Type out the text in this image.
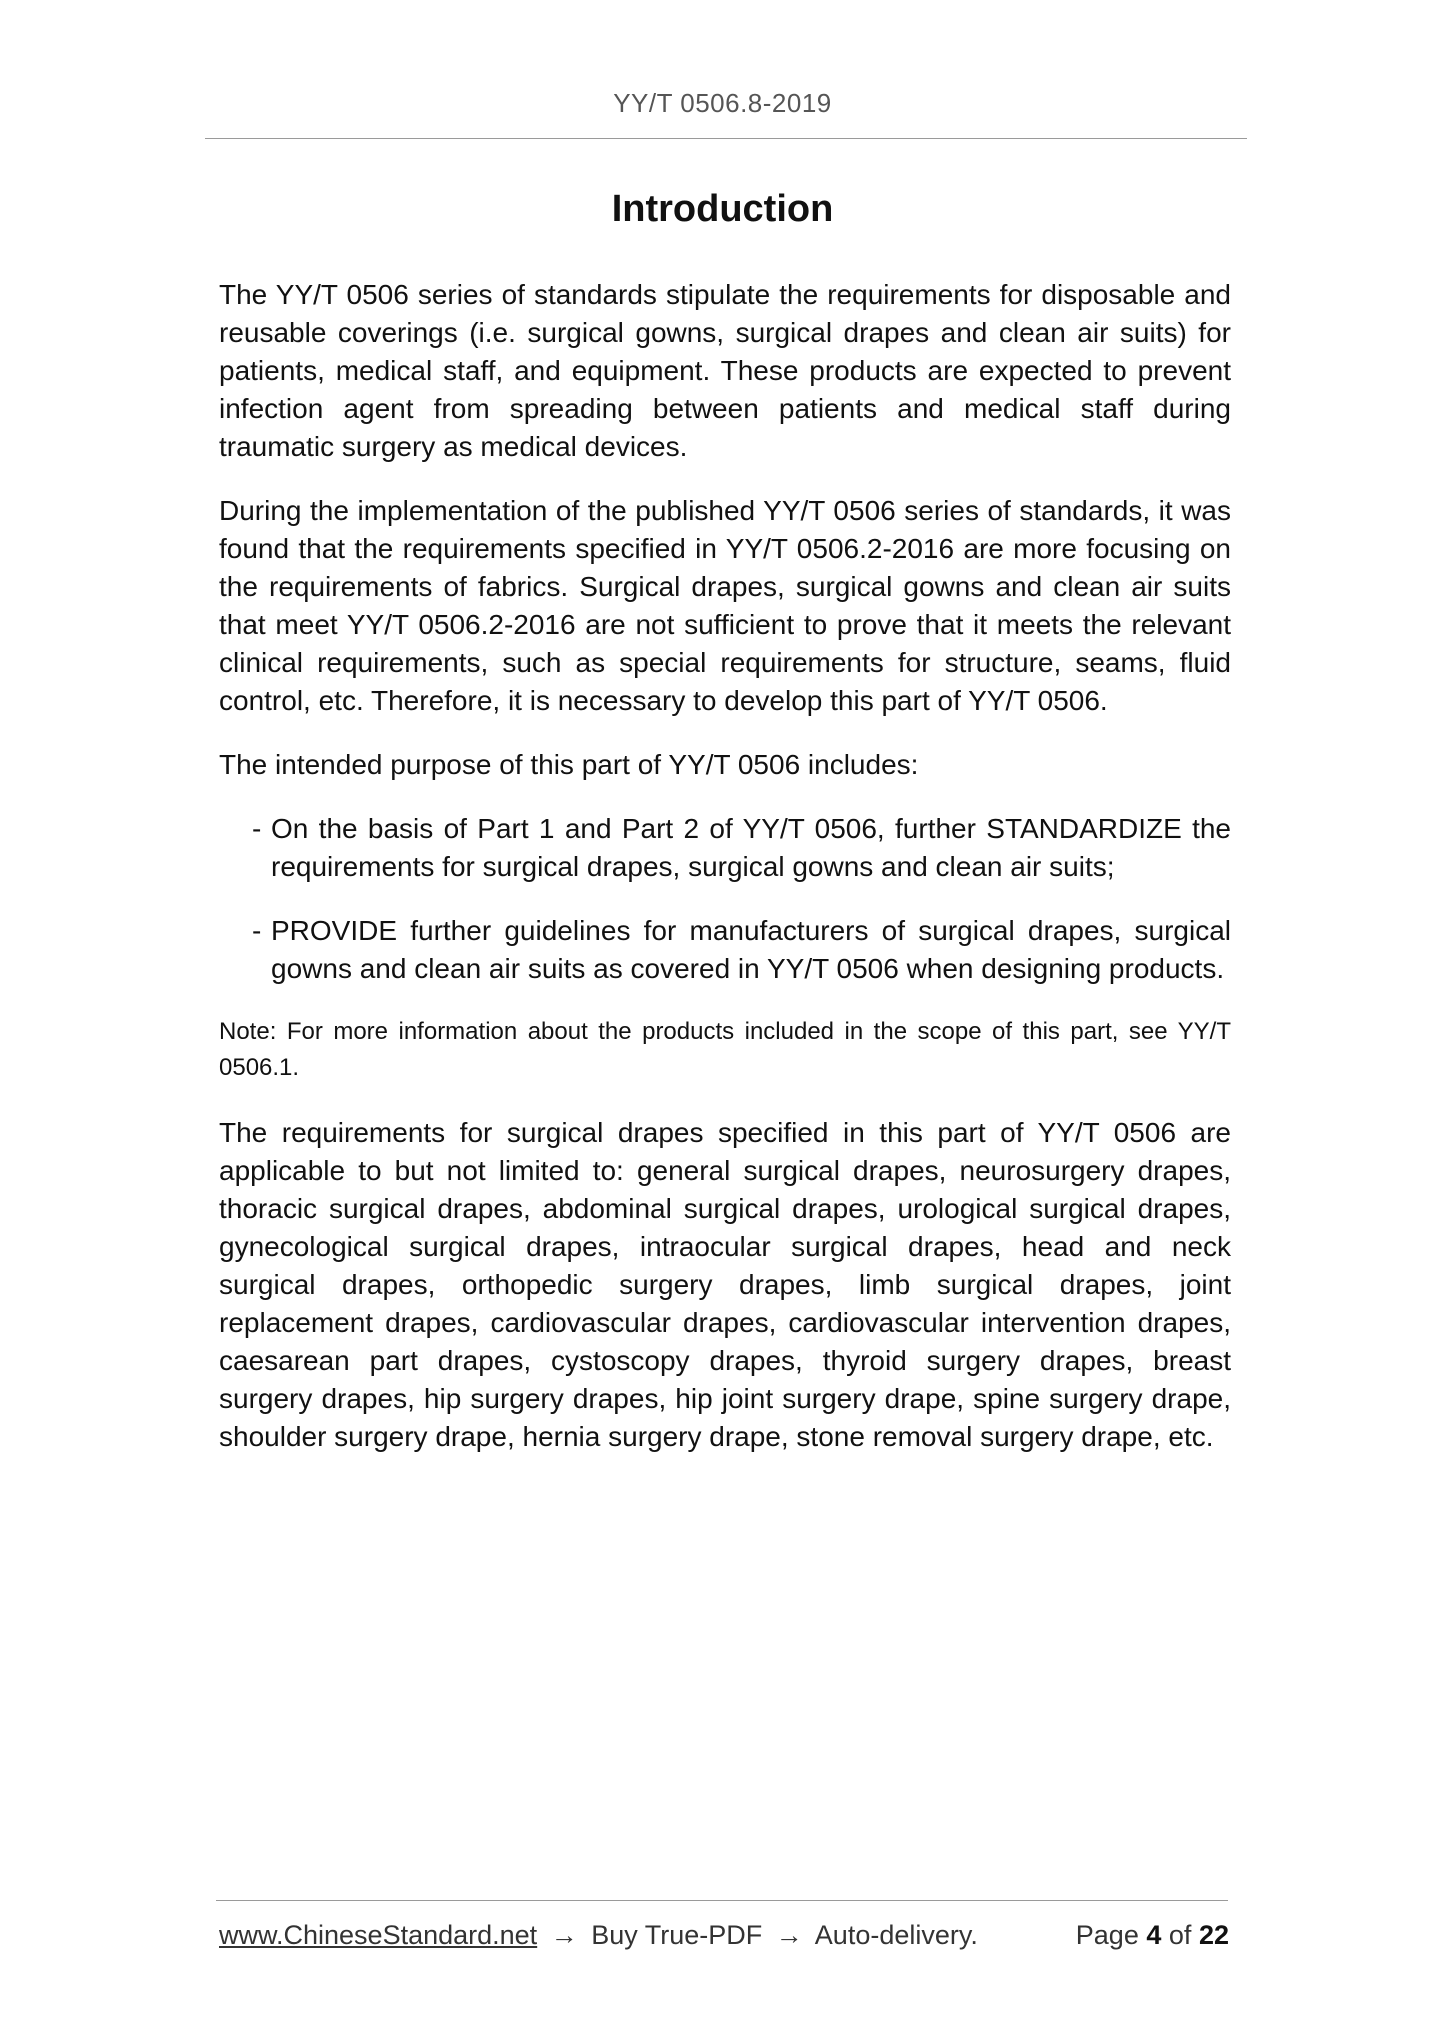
YY/T 0506.8-2019
Introduction

The YY/T 0506 series of standards stipulate the requirements for disposable and reusable coverings (i.e. surgical gowns, surgical drapes and clean air suits) for patients, medical staff, and equipment. These products are expected to prevent infection agent from spreading between patients and medical staff during traumatic surgery as medical devices.

During the implementation of the published YY/T 0506 series of standards, it was found that the requirements specified in YY/T 0506.2-2016 are more focusing on the requirements of fabrics. Surgical drapes, surgical gowns and clean air suits that meet YY/T 0506.2-2016 are not sufficient to prove that it meets the relevant clinical requirements, such as special requirements for structure, seams, fluid control, etc. Therefore, it is necessary to develop this part of YY/T 0506.

The intended purpose of this part of YY/T 0506 includes:

- On the basis of Part 1 and Part 2 of YY/T 0506, further STANDARDIZE the requirements for surgical drapes, surgical gowns and clean air suits;
- PROVIDE further guidelines for manufacturers of surgical drapes, surgical gowns and clean air suits as covered in YY/T 0506 when designing products.

Note: For more information about the products included in the scope of this part, see YY/T 0506.1.

The requirements for surgical drapes specified in this part of YY/T 0506 are applicable to but not limited to: general surgical drapes, neurosurgery drapes, thoracic surgical drapes, abdominal surgical drapes, urological surgical drapes, gynecological surgical drapes, intraocular surgical drapes, head and neck surgical drapes, orthopedic surgery drapes, limb surgical drapes, joint replacement drapes, cardiovascular drapes, cardiovascular intervention drapes, caesarean part drapes, cystoscopy drapes, thyroid surgery drapes, breast surgery drapes, hip surgery drapes, hip joint surgery drape, spine surgery drape, shoulder surgery drape, hernia surgery drape, stone removal surgery drape, etc.

www.ChineseStandard.net → Buy True-PDF → Auto-delivery.	Page 4 of 22
